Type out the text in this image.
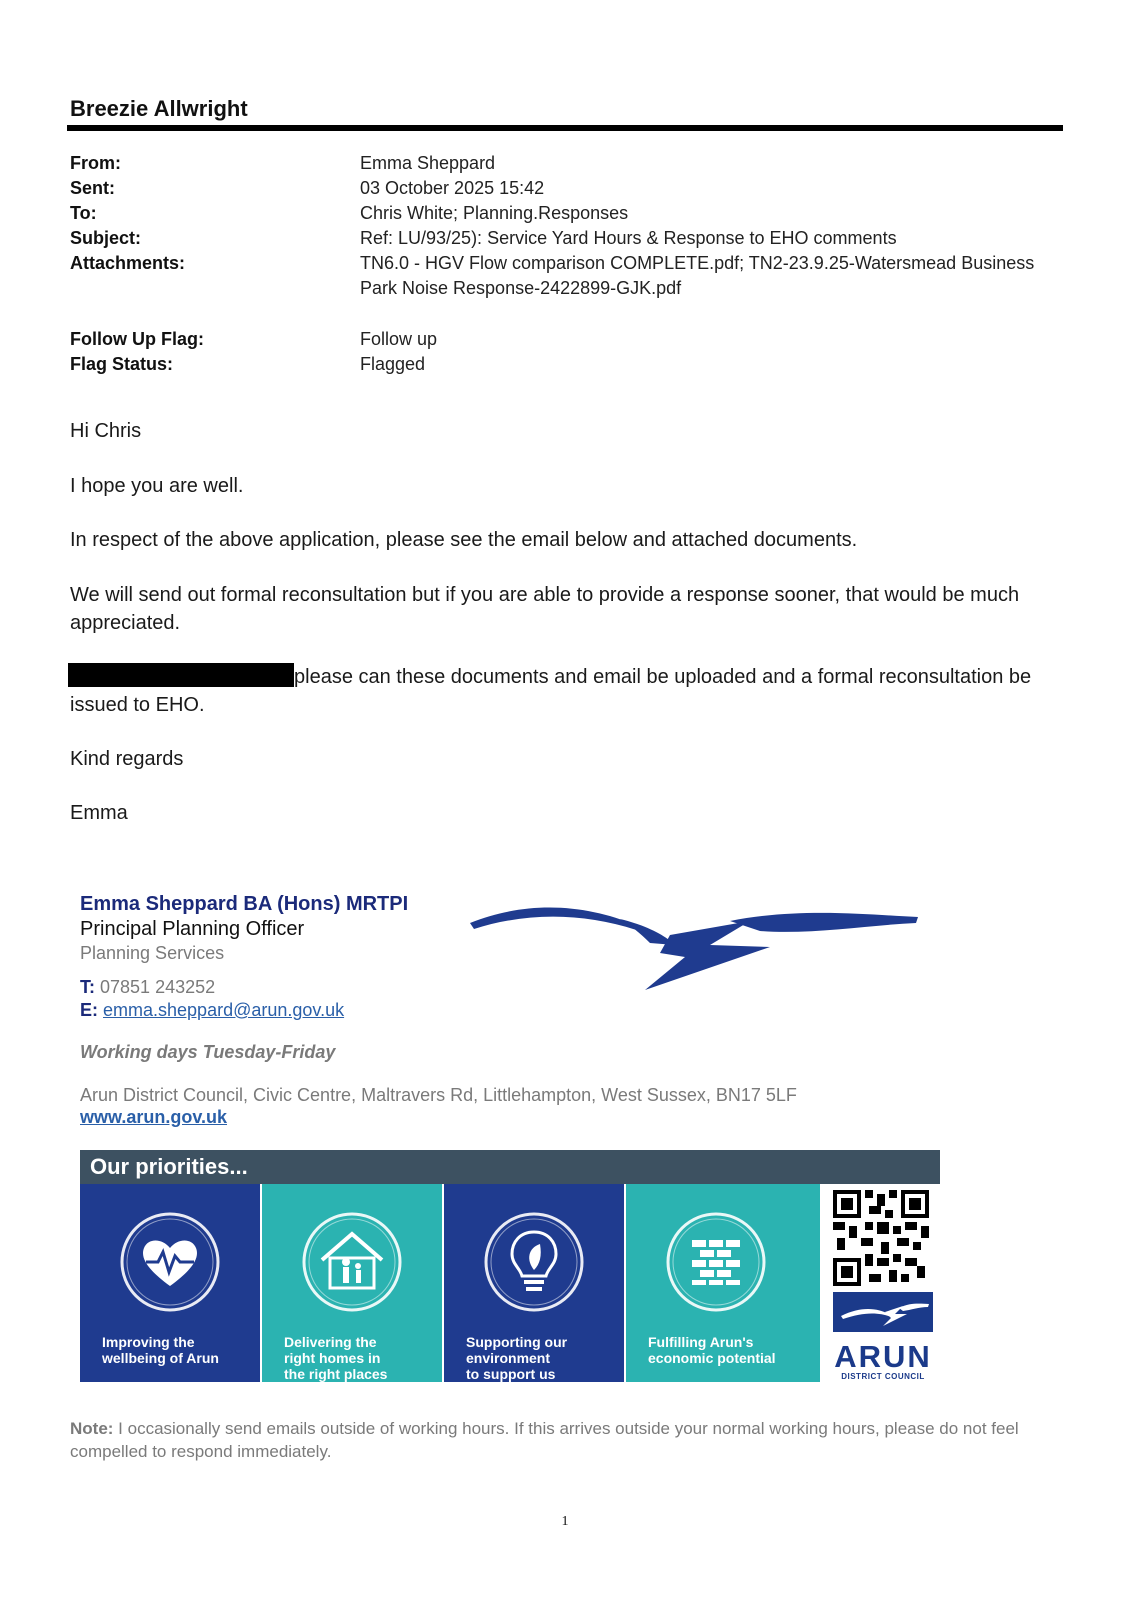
Breezie Allwright
From:	Emma Sheppard
Sent:	03 October 2025 15:42
To:	Chris White; Planning.Responses
Subject:	Ref: LU/93/25): Service Yard Hours & Response to EHO comments
Attachments:	TN6.0 - HGV Flow comparison COMPLETE.pdf; TN2-23.9.25-Watersmead Business Park Noise Response-2422899-GJK.pdf
Follow Up Flag:	Follow up
Flag Status:	Flagged
Hi Chris
I hope you are well.
In respect of the above application, please see the email below and attached documents.
We will send out formal reconsultation but if you are able to provide a response sooner, that would be much appreciated.
please can these documents and email be uploaded and a formal reconsultation be issued to EHO.
Kind regards
Emma
Emma Sheppard BA (Hons) MRTPI
Principal Planning Officer
Planning Services
T: 07851 243252
E: emma.sheppard@arun.gov.uk
Working days Tuesday-Friday
Arun District Council, Civic Centre, Maltravers Rd, Littlehampton, West Sussex, BN17 5LF
www.arun.gov.uk
Our priorities...
Improving the
wellbeing of Arun
Delivering the
right homes in
the right places
Supporting our
environment
to support us
Fulfilling Arun's
economic potential	ARUN
DISTRICT COUNCIL
Note: I occasionally send emails outside of working hours. If this arrives outside your normal working hours, please do not feel compelled to respond immediately.
1
